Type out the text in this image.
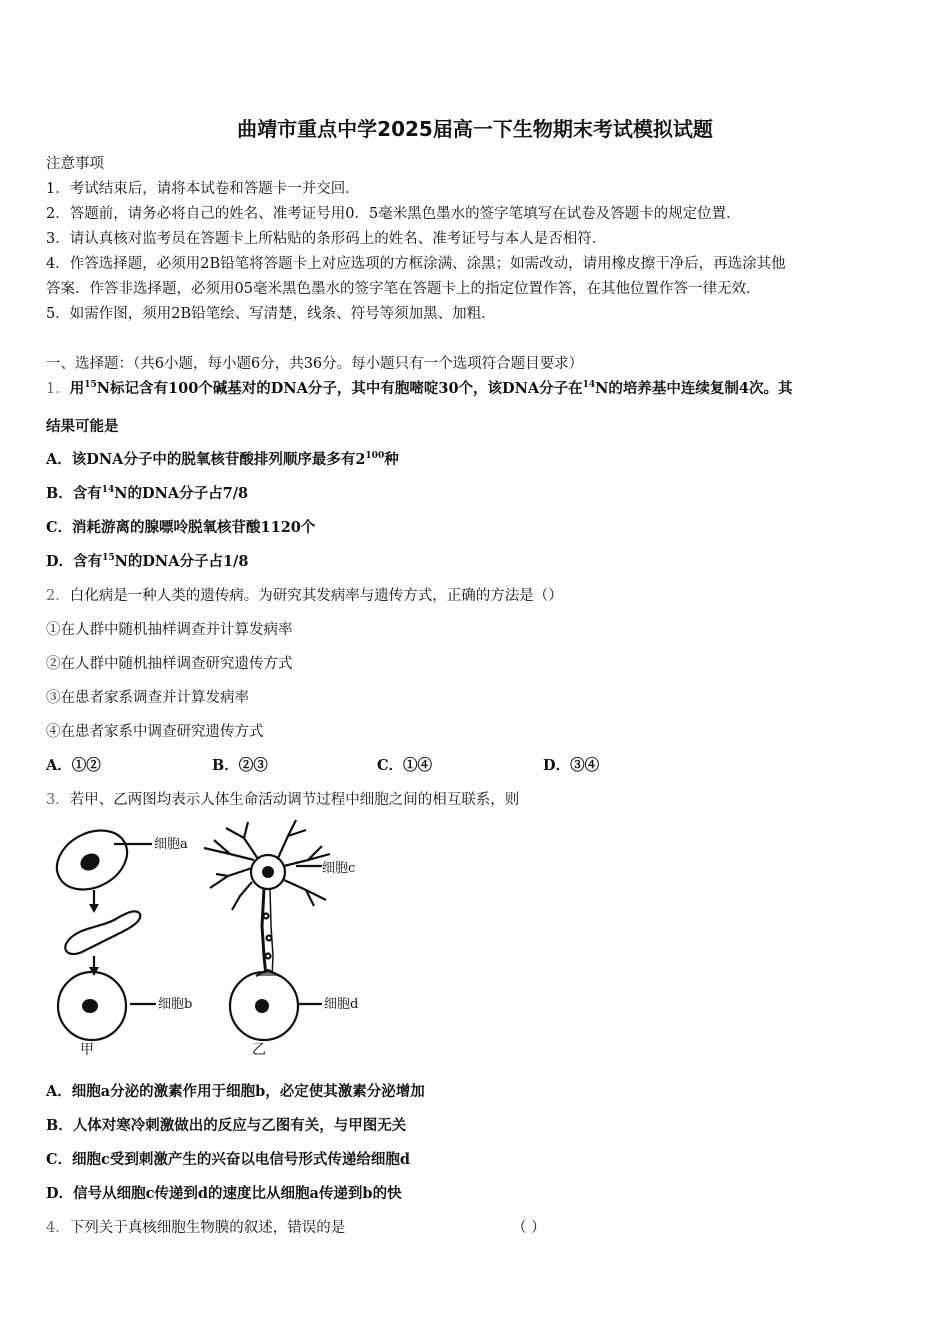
曲靖市重点中学2025届高一下生物期末考试模拟试题
注意事项
1．考试结束后，请将本试卷和答题卡一并交回．
2．答题前，请务必将自己的姓名、准考证号用0．5毫米黑色墨水的签字笔填写在试卷及答题卡的规定位置．
3．请认真核对监考员在答题卡上所粘贴的条形码上的姓名、准考证号与本人是否相符．
4．作答选择题，必须用2B铅笔将答题卡上对应选项的方框涂满、涂黑；如需改动，请用橡皮擦干净后，再选涂其他
答案．作答非选择题，必须用05毫米黑色墨水的签字笔在答题卡上的指定位置作答，在其他位置作答一律无效．
5．如需作图，须用2B铅笔绘、写清楚，线条、符号等须加黑、加粗．
一、选择题：（共6小题，每小题6分，共36分。每小题只有一个选项符合题目要求）
1．用$^{15}$N标记含有100个碱基对的DNA分子，其中有胞嘧啶30个，该DNA分子在$^{14}$N的培养基中连续复制4次。其
结果可能是
A．该DNA分子中的脱氧核苷酸排列顺序最多有$2^{100}$种
B．含有$^{14}$N的DNA分子占7/8
C．消耗游离的腺嘌呤脱氧核苷酸1120个
D．含有$^{15}$N的DNA分子占1/8
2．白化病是一种人类的遗传病。为研究其发病率与遗传方式，正确的方法是（）
①在人群中随机抽样调查并计算发病率
②在人群中随机抽样调查研究遗传方式
③在患者家系调查并计算发病率
④在患者家系中调查研究遗传方式
A．①②	B．②③	C．①④	D．③④
3．若甲、乙两图均表示人体生命活动调节过程中细胞之间的相互联系，则
细胞a
细胞b
细胞c
细胞d
甲	乙
A．细胞a分泌的激素作用于细胞b，必定使其激素分泌增加
B．人体对寒冷刺激做出的反应与乙图有关，与甲图无关
C．细胞c受到刺激产生的兴奋以电信号形式传递给细胞d
D．信号从细胞c传递到d的速度比从细胞a传递到b的快
4．下列关于真核细胞生物膜的叙述，错误的是	（ ）
